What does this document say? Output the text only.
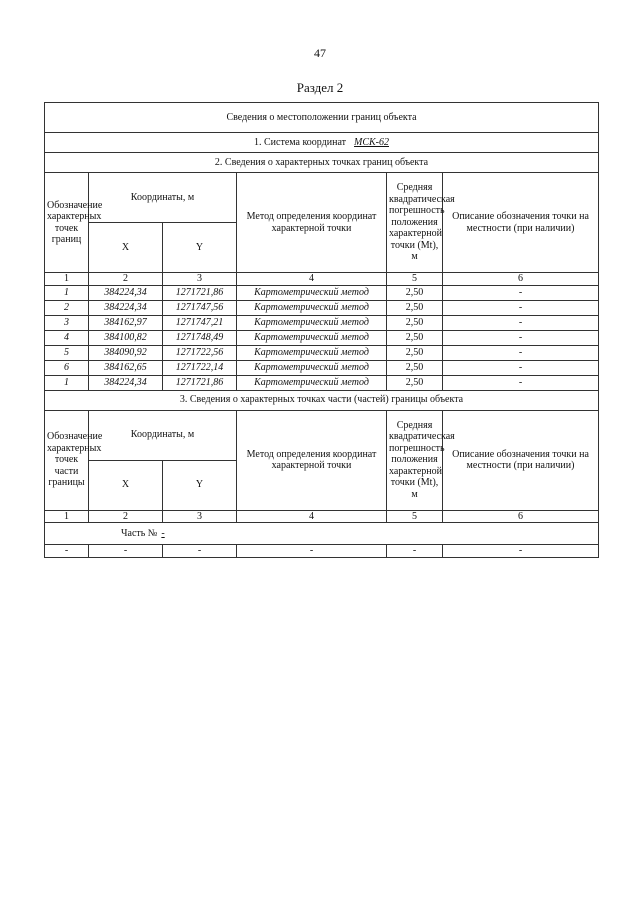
47
Раздел 2
Сведения о местоположении границ объекта					
1. Система координат МСК-62					
2. Сведения о характерных точках границ объекта					
Обозначение характерных точек границ	Координаты, м		Метод определения координат характерной точки	Средняя квадратическая погрешность положения характерной точки (Mt), м	Описание обозначения точки на местности (при наличии)
	X	Y			
1	2	3	4	5	6
1	384224,34	1271721,86	Картометрический метод	2,50	-
2	384224,34	1271747,56	Картометрический метод	2,50	-
3	384162,97	1271747,21	Картометрический метод	2,50	-
4	384100,82	1271748,49	Картометрический метод	2,50	-
5	384090,92	1271722,56	Картометрический метод	2,50	-
6	384162,65	1271722,14	Картометрический метод	2,50	-
1	384224,34	1271721,86	Картометрический метод	2,50	-
3. Сведения о характерных точках части (частей) границы объекта					
Обозначение характерных точек части границы	Координаты, м		Метод определения координат характерной точки	Средняя квадратическая погрешность положения характерной точки (Mt), м	Описание обозначения точки на местности (при наличии)
	X	Y			
1	2	3	4	5	6
Часть № -					
-	-	-	-	-	-
